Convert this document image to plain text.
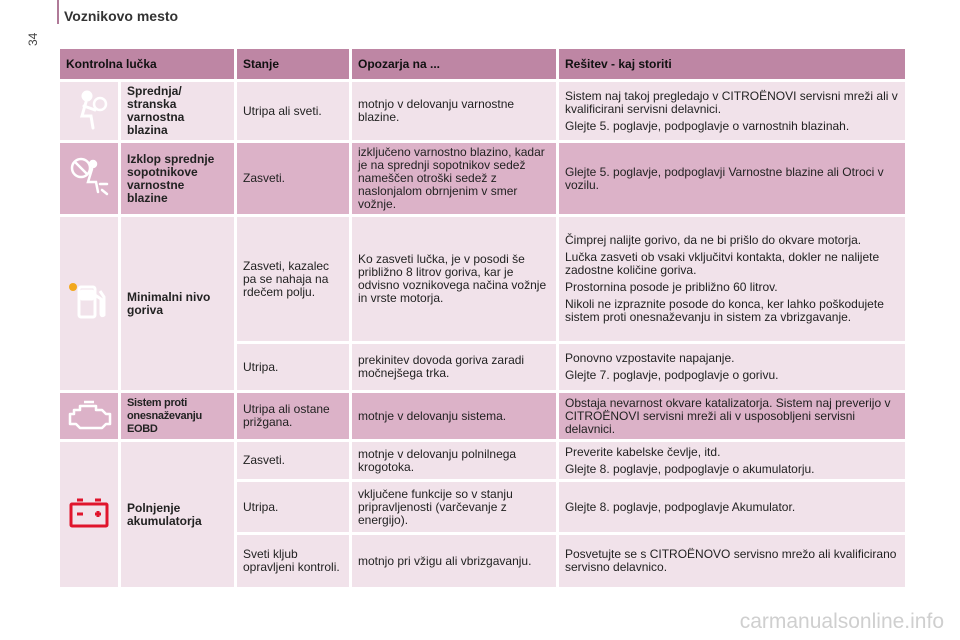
Voznikovo mesto
34
Kontrolna lučka		Stanje	Opozarja na ...	Rešitev - kaj storiti
	Sprednja/ stranska varnostna blazina	Utripa ali sveti.	motnjo v delovanju varnostne blazine.	Sistem naj takoj pregledajo v CITROËNOVI servisni mreži ali v kvalificirani servisni delavnici.

Glejte 5. poglavje, podpoglavje o varnostnih blazinah.

	Izklop sprednje sopotnikove varnostne blazine	Zasveti.	izključeno varnostno blazino, kadar je na sprednji sopotnikov sedež nameščen otroški sedež z naslonjalom obrnjenim v smer vožnje.	Glejte 5. poglavje, podpoglavji Varnostne blazine ali Otroci v vozilu.

	Minimalni nivo goriva	Zasveti, kazalec pa se nahaja na rdečem polju.	Ko zasveti lučka, je v posodi še približno 8 litrov goriva, kar je odvisno voznikovega načina vožnje in vrste motorja.	Čimprej nalijte gorivo, da ne bi prišlo do okvare motorja.

Lučka zasveti ob vsaki vključitvi kontakta, dokler ne nalijete zadostne količine goriva.

Prostornina posode je približno 60 litrov.

Nikoli ne izpraznite posode do konca, ker lahko poškodujete sistem proti onesnaževanju in sistem za vbrizgavanje.

		Utripa.	prekinitev dovoda goriva zaradi močnejšega trka.	Ponovno vzpostavite napajanje.

Glejte 7. poglavje, podpoglavje o gorivu.

	Sistem proti onesnaževanju EOBD	Utripa ali ostane prižgana.	motnje v delovanju sistema.	Obstaja nevarnost okvare katalizatorja. Sistem naj preverijo v CITROËNOVI servisni mreži ali v usposobljeni servisni delavnici.

	Polnjenje akumulatorja	Zasveti.	motnje v delovanju polnilnega krogotoka.	Preverite kabelske čevlje, itd.

Glejte 8. poglavje, podpoglavje o akumulatorju.

		Utripa.	vključene funkcije so v stanju pripravljenosti (varčevanje z energijo).	Glejte 8. poglavje, podpoglavje Akumulator.

		Sveti kljub opravljeni kontroli.	motnjo pri vžigu ali vbrizgavanju.	Posvetujte se s CITROËNOVO servisno mrežo ali kvalificirano servisno delavnico.

carmanualsonline.info
